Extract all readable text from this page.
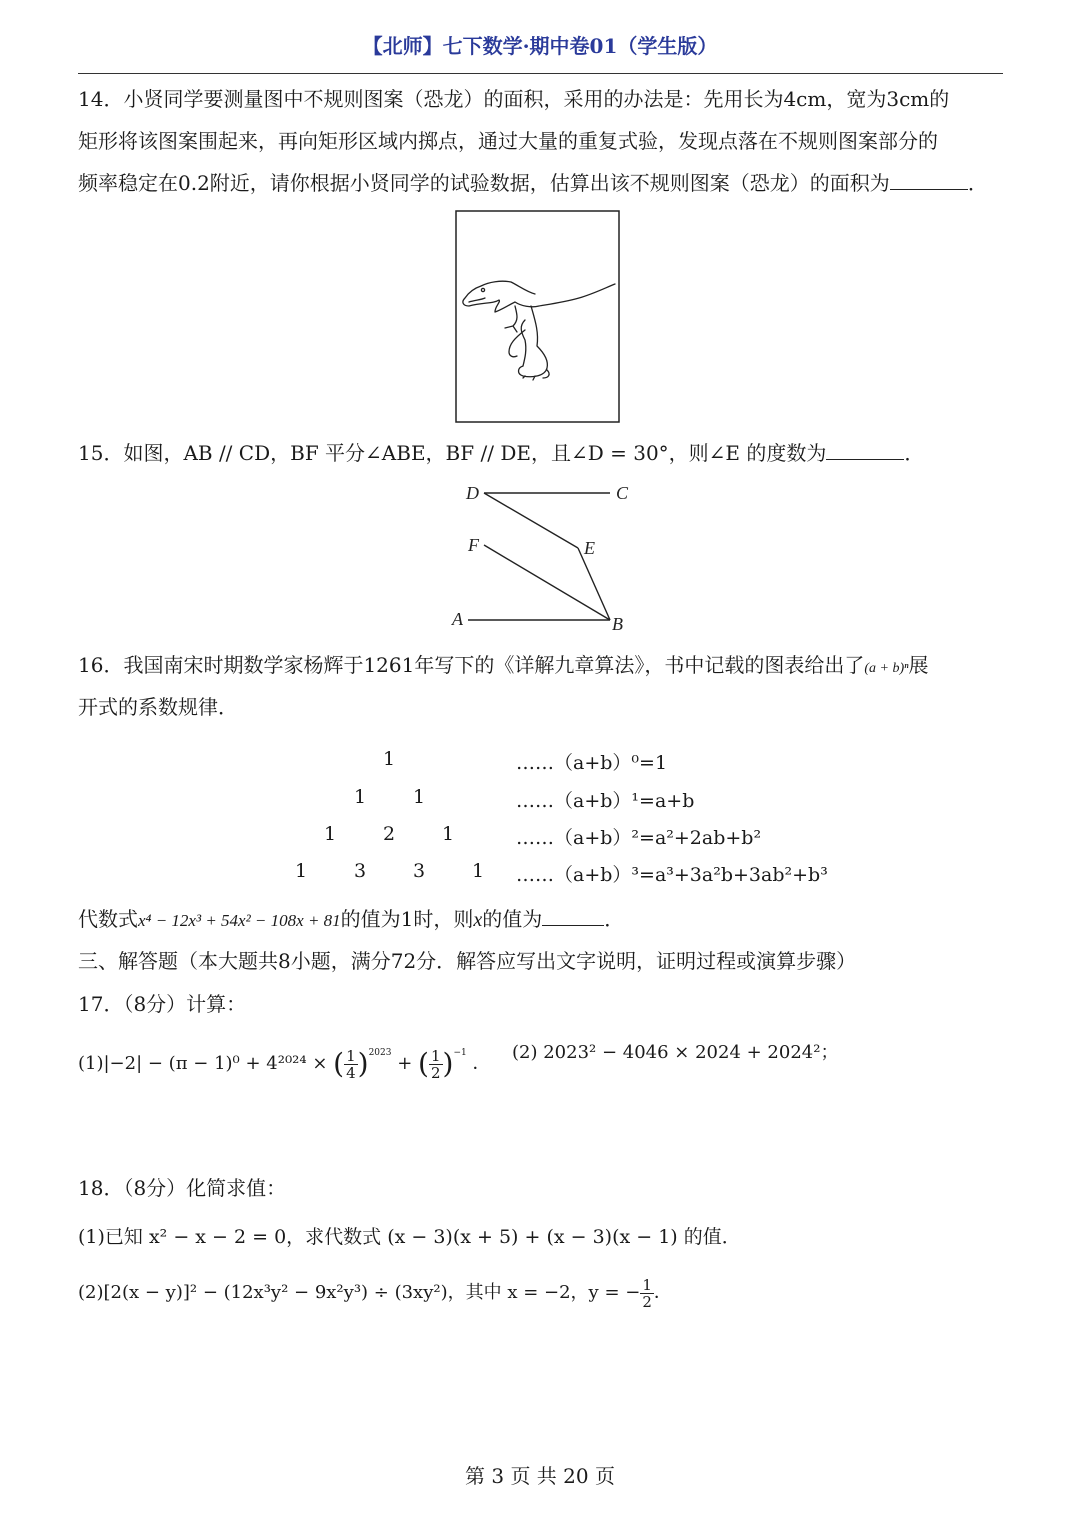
【北师】七下数学·期中卷01（学生版）
14．小贤同学要测量图中不规则图案（恐龙）的面积，采用的办法是：先用长为4cm，宽为3cm的
矩形将该图案围起来，再向矩形区域内掷点，通过大量的重复式验，发现点落在不规则图案部分的
频率稳定在0.2附近，请你根据小贤同学的试验数据，估算出该不规则图案（恐龙）的面积为	．
15．如图，AB // CD，BF 平分∠ABE，BF // DE，且∠D = 30°，则∠E 的度数为	．
D	C
F	E
A	B
16．我国南宋时期数学家杨辉于1261年写下的《详解九章算法》，书中记载的图表给出了(a + b)ⁿ展
开式的系数规律．
1	……（a+b）⁰=1
1 1	……（a+b）¹=a+b
1 2 1	……（a+b）²=a²+2ab+b²
1 3 3 1 ……（a+b）³=a³+3a²b+3ab²+b³
代数式x⁴ − 12x³ + 54x² − 108x + 81的值为1时，则x的值为	．
三、解答题（本大题共8小题，满分72分．解答应写出文字说明，证明过程或演算步骤）
17．（8分）计算：
(1)|−2| − (π − 1)⁰ + 4²⁰²⁴ × ( $\frac{1}{4} )^{2023}$ + ( $\frac{1}{2} )^{-1}$ ．
(2) 2023² − 4046 × 2024 + 2024²；
18．（8分）化简求值：
(1)已知 x² − x − 2 = 0，求代数式 (x − 3)(x + 5) + (x − 3)(x − 1) 的值．
(2)[2(x − y)]² − (12x³y² − 9x²y³) ÷ (3xy²)，其中 x = −2，y = − $\frac{1}{2}$ ．
第 3 页 共 20 页
